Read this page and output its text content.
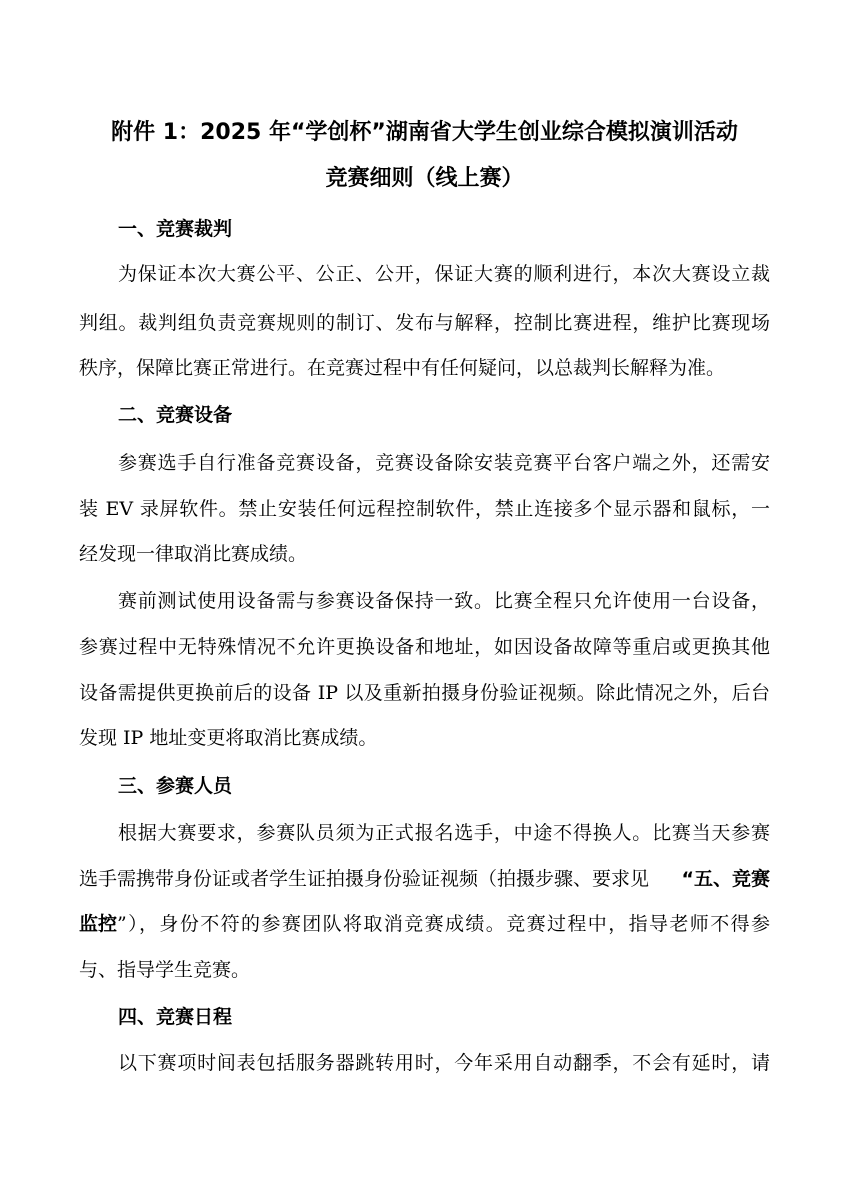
附件 1：2025 年“学创杯”湖南省大学生创业综合模拟演训活动
竞赛细则（线上赛）
一、竞赛裁判
为保证本次大赛公平、公正、公开，保证大赛的顺利进行，本次大赛设立裁
判组。裁判组负责竞赛规则的制订、发布与解释，控制比赛进程，维护比赛现场
秩序，保障比赛正常进行。在竞赛过程中有任何疑问，以总裁判长解释为准。
二、竞赛设备
参赛选手自行准备竞赛设备，竞赛设备除安装竞赛平台客户端之外，还需安
装 EV 录屏软件。禁止安装任何远程控制软件，禁止连接多个显示器和鼠标，一
经发现一律取消比赛成绩。
赛前测试使用设备需与参赛设备保持一致。比赛全程只允许使用一台设备，
参赛过程中无特殊情况不允许更换设备和地址，如因设备故障等重启或更换其他
设备需提供更换前后的设备 IP 以及重新拍摄身份验证视频。除此情况之外，后台
发现 IP 地址变更将取消比赛成绩。
三、参赛人员
根据大赛要求，参赛队员须为正式报名选手，中途不得换人。比赛当天参赛
选手需携带身份证或者学生证拍摄身份验证视频（拍摄步骤、要求见 “五、竞赛
监控 ”），身份不符的参赛团队将取消竞赛成绩。竞赛过程中，指导老师不得参
与、指导学生竞赛。
四、竞赛日程
以下赛项时间表包括服务器跳转用时，今年采用自动翻季，不会有延时，请
